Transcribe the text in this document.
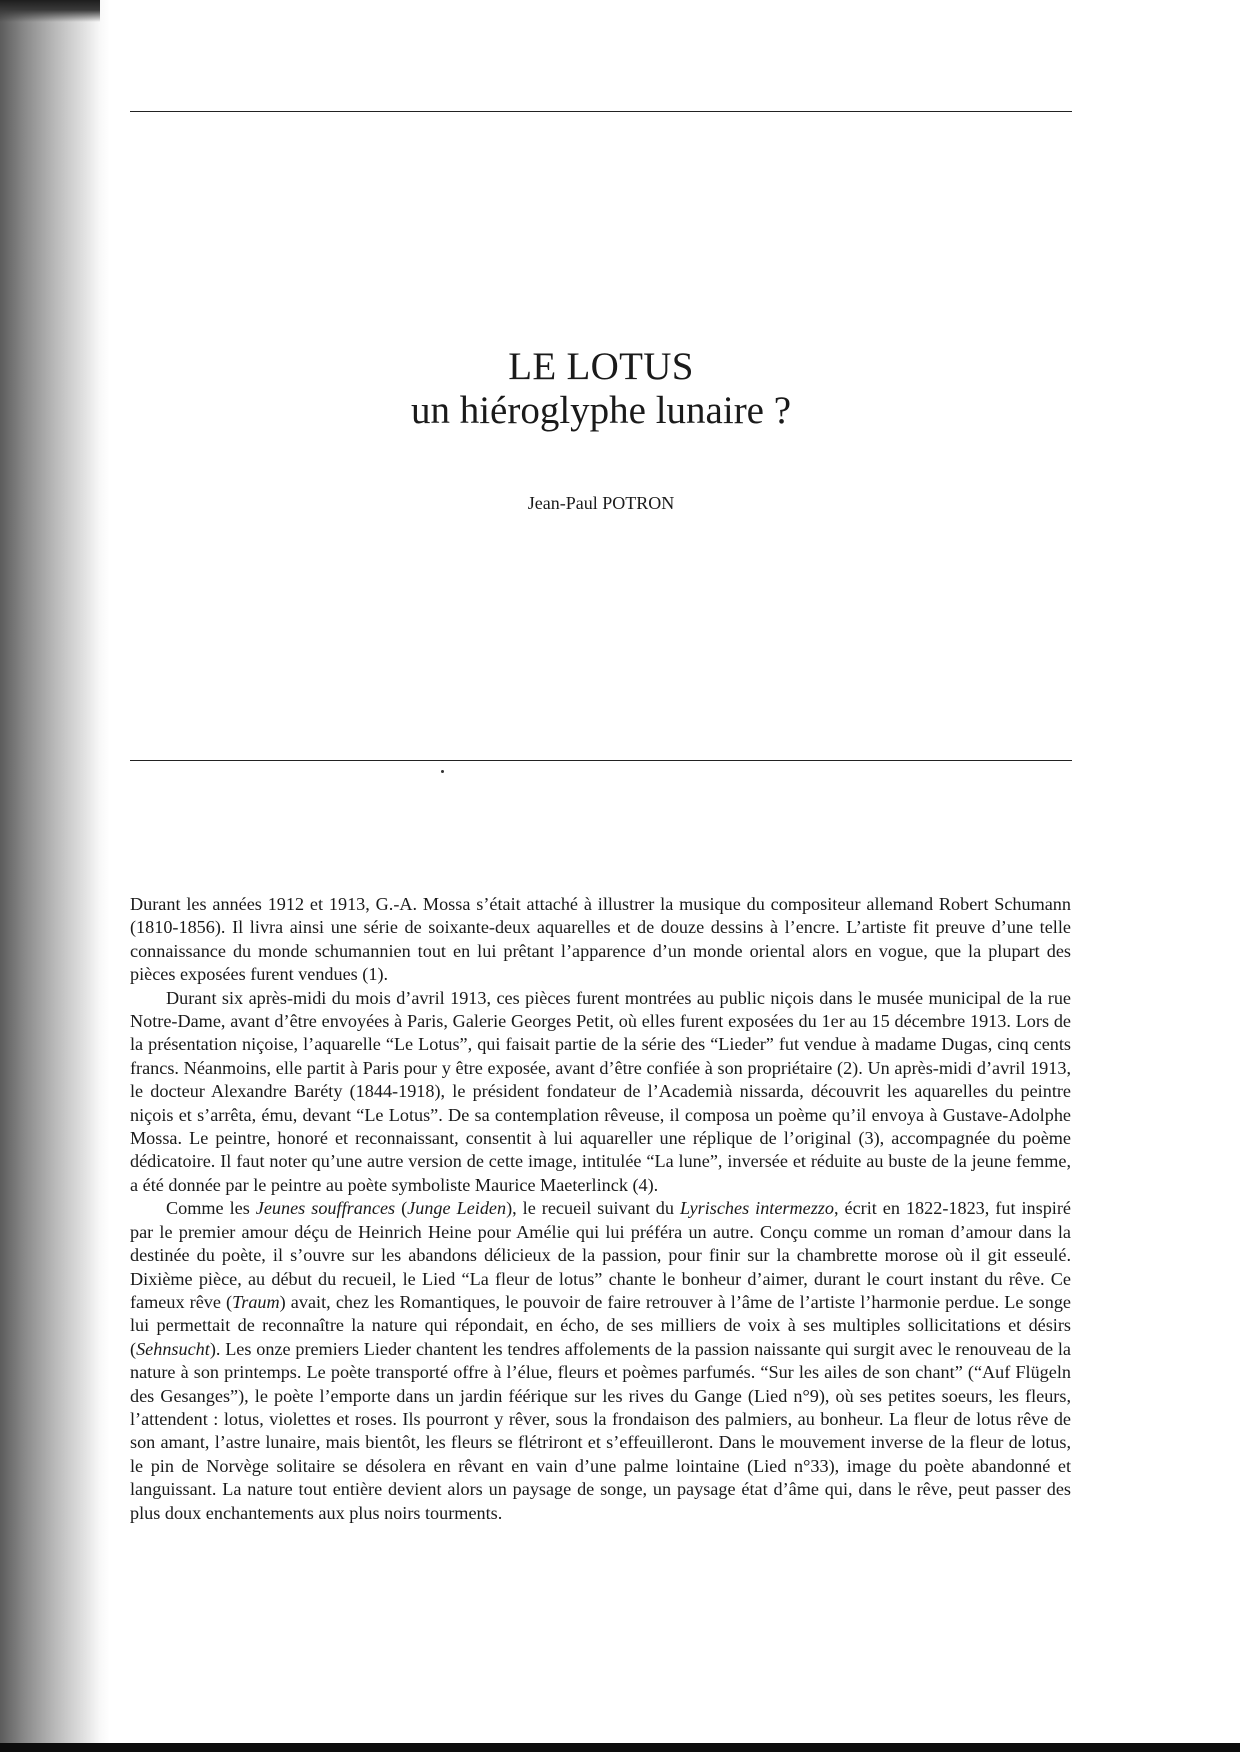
LE LOTUS
un hiéroglyphe lunaire ?
Jean-Paul POTRON

Durant les années 1912 et 1913, G.-A. Mossa s’était attaché à illustrer la musique du compositeur allemand Robert Schumann (1810-1856). Il livra ainsi une série de soixante-deux aquarelles et de douze dessins à l’encre. L’artiste fit preuve d’une telle connaissance du monde schumannien tout en lui prêtant l’apparence d’un monde oriental alors en vogue, que la plupart des pièces exposées furent vendues (1).

Durant six après-midi du mois d’avril 1913, ces pièces furent montrées au public niçois dans le musée municipal de la rue Notre-Dame, avant d’être envoyées à Paris, Galerie Georges Petit, où elles furent exposées du 1er au 15 décembre 1913. Lors de la présentation niçoise, l’aquarelle “Le Lotus”, qui faisait partie de la série des “Lieder” fut vendue à madame Dugas, cinq cents francs. Néanmoins, elle partit à Paris pour y être exposée, avant d’être confiée à son propriétaire (2). Un après-midi d’avril 1913, le docteur Alexandre Baréty (1844-1918), le président fondateur de l’Academià nissarda, découvrit les aquarelles du peintre niçois et s’arrêta, ému, devant “Le Lotus”. De sa contemplation rêveuse, il composa un poème qu’il envoya à Gustave-Adolphe Mossa. Le peintre, honoré et reconnaissant, consentit à lui aquareller une réplique de l’original (3), accompagnée du poème dédicatoire. Il faut noter qu’une autre version de cette image, intitulée “La lune”, inversée et réduite au buste de la jeune femme, a été donnée par le peintre au poète symboliste Maurice Maeterlinck (4).

Comme les Jeunes souffrances (Junge Leiden), le recueil suivant du Lyrisches intermezzo, écrit en 1822-1823, fut inspiré par le premier amour déçu de Heinrich Heine pour Amélie qui lui préféra un autre. Conçu comme un roman d’amour dans la destinée du poète, il s’ouvre sur les abandons délicieux de la passion, pour finir sur la chambrette morose où il git esseulé. Dixième pièce, au début du recueil, le Lied “La fleur de lotus” chante le bonheur d’aimer, durant le court instant du rêve. Ce fameux rêve (Traum) avait, chez les Romantiques, le pouvoir de faire retrouver à l’âme de l’artiste l’harmonie perdue. Le songe lui permettait de reconnaître la nature qui répondait, en écho, de ses milliers de voix à ses multiples sollicitations et désirs (Sehnsucht). Les onze premiers Lieder chantent les tendres affolements de la passion naissante qui surgit avec le renouveau de la nature à son printemps. Le poète transporté offre à l’élue, fleurs et poèmes parfumés. “Sur les ailes de son chant” (“Auf Flügeln des Gesanges”), le poète l’emporte dans un jardin féérique sur les rives du Gange (Lied n°9), où ses petites soeurs, les fleurs, l’attendent : lotus, violettes et roses. Ils pourront y rêver, sous la frondaison des palmiers, au bonheur. La fleur de lotus rêve de son amant, l’astre lunaire, mais bientôt, les fleurs se flétriront et s’effeuilleront. Dans le mouvement inverse de la fleur de lotus, le pin de Norvège solitaire se désolera en rêvant en vain d’une palme lointaine (Lied n°33), image du poète abandonné et languissant. La nature tout entière devient alors un paysage de songe, un paysage état d’âme qui, dans le rêve, peut passer des plus doux enchantements aux plus noirs tourments.
